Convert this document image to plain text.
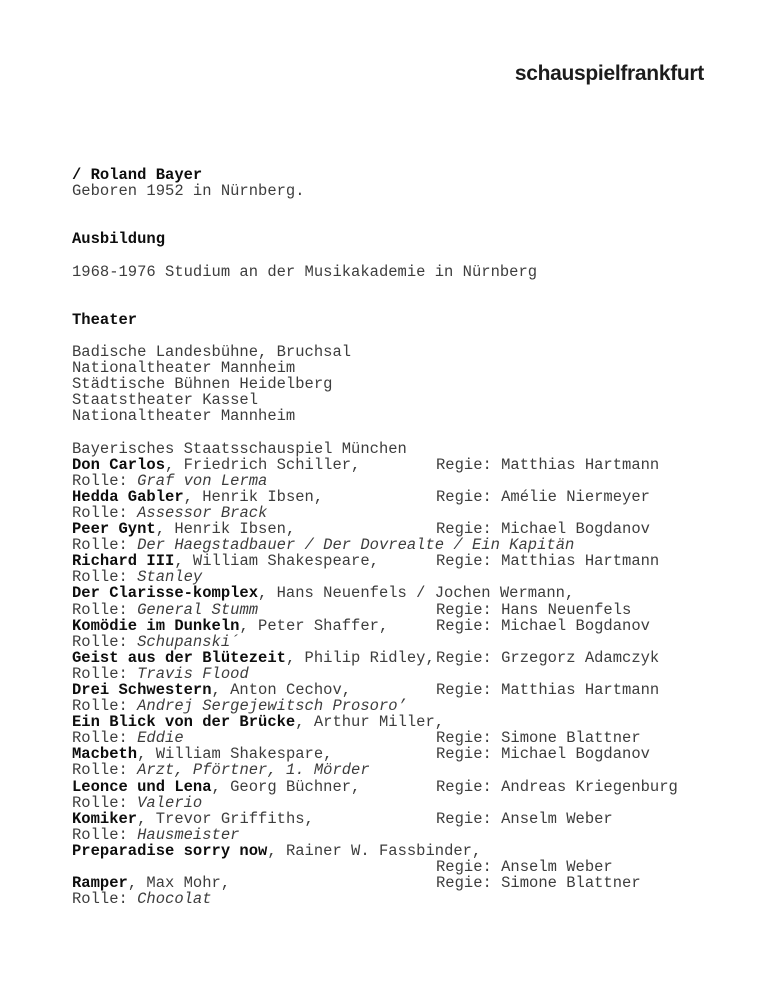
schauspielfrankfurt
/ Roland Bayer
Geboren 1952 in Nürnberg.

Ausbildung

1968-1976 Studium an der Musikakademie in Nürnberg

Theater

Badische Landesbühne, Bruchsal
Nationaltheater Mannheim
Städtische Bühnen Heidelberg
Staatstheater Kassel
Nationaltheater Mannheim

Bayerisches Staatsschauspiel München
Don Carlos, Friedrich Schiller,	Regie: Matthias Hartmann
Rolle: Graf von Lerma
Hedda Gabler, Henrik Ibsen,	Regie: Amélie Niermeyer
Rolle: Assessor Brack
Peer Gynt, Henrik Ibsen,	Regie: Michael Bogdanov
Rolle: Der Haegstadbauer / Der Dovrealte / Ein Kapitän
Richard III, William Shakespeare,	Regie: Matthias Hartmann
Rolle: Stanley
Der Clarisse-komplex, Hans Neuenfels / Jochen Wermann,
Rolle: General Stumm	Regie: Hans Neuenfels
Komödie im Dunkeln, Peter Shaffer,	Regie: Michael Bogdanov
Rolle: Schupanski´
Geist aus der Blütezeit, Philip Ridley, Regie: Grzegorz Adamczyk
Rolle: Travis Flood
Drei Schwestern, Anton Cechov,	Regie: Matthias Hartmann
Rolle: Andrej Sergejewitsch Prosoro’
Ein Blick von der Brücke, Arthur Miller,
Rolle: Eddie	Regie: Simone Blattner
Macbeth, William Shakespare,	Regie: Michael Bogdanov
Rolle: Arzt, Pförtner, 1. Mörder
Leonce und Lena, Georg Büchner,	Regie: Andreas Kriegenburg
Rolle: Valerio
Komiker, Trevor Griffiths,	Regie: Anselm Weber
Rolle: Hausmeister
Preparadise sorry now, Rainer W. Fassbinder,
Regie: Anselm Weber
Ramper, Max Mohr,	Regie: Simone Blattner
Rolle: Chocolat
